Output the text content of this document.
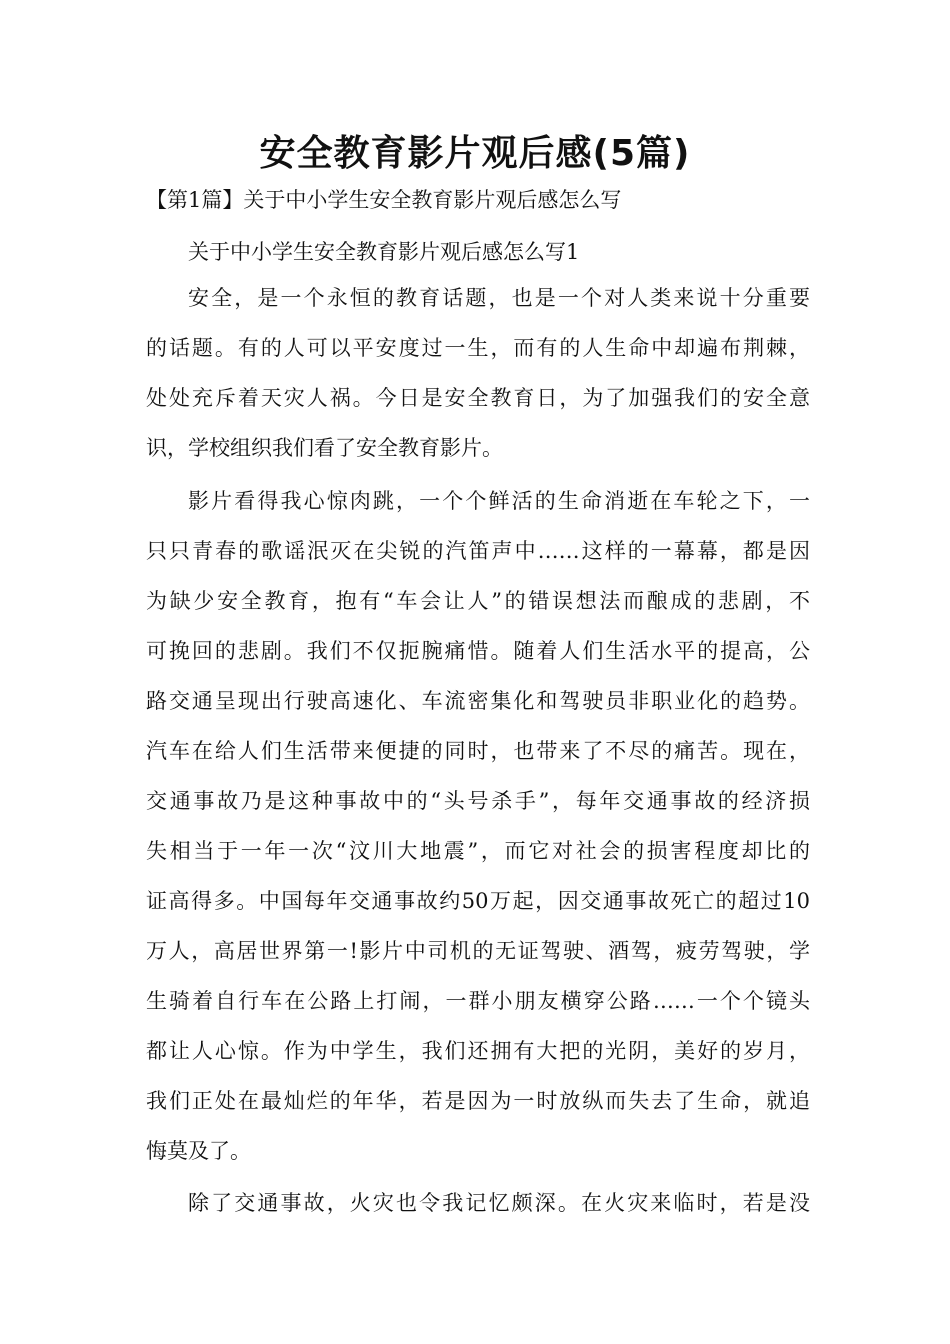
安全教育影片观后感(5篇)

【第1篇】关于中小学生安全教育影片观后感怎么写

关于中小学生安全教育影片观后感怎么写1

安全，是一个永恒的教育话题，也是一个对人类来说十分重要
的话题。有的人可以平安度过一生，而有的人生命中却遍布荆棘，
处处充斥着天灾人祸。今日是安全教育日，为了加强我们的安全意
识，学校组织我们看了安全教育影片。
影片看得我心惊肉跳，一个个鲜活的生命消逝在车轮之下，一
只只青春的歌谣泯灭在尖锐的汽笛声中……这样的一幕幕，都是因
为缺少安全教育，抱有“车会让人”的错误想法而酿成的悲剧，不
可挽回的悲剧。我们不仅扼腕痛惜。随着人们生活水平的提高，公
路交通呈现出行驶高速化、车流密集化和驾驶员非职业化的趋势。
汽车在给人们生活带来便捷的同时，也带来了不尽的痛苦。现在，
交通事故乃是这种事故中的“头号杀手”，每年交通事故的经济损
失相当于一年一次“汶川大地震”，而它对社会的损害程度却比的
证高得多。中国每年交通事故约50万起，因交通事故死亡的超过10
万人，高居世界第一!影片中司机的无证驾驶、酒驾，疲劳驾驶，学
生骑着自行车在公路上打闹，一群小朋友横穿公路……一个个镜头
都让人心惊。作为中学生，我们还拥有大把的光阴，美好的岁月，
我们正处在最灿烂的年华，若是因为一时放纵而失去了生命，就追
悔莫及了。
除了交通事故，火灾也令我记忆颇深。在火灾来临时，若是没
